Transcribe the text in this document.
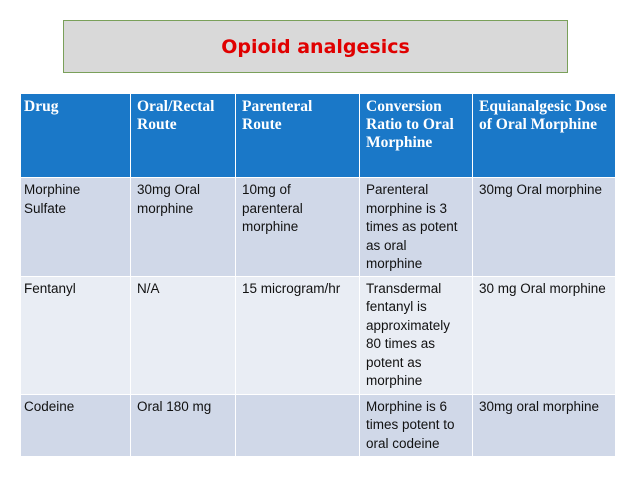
Opioid analgesics
Drug	Oral/Rectal Route	Parenteral Route	Conversion Ratio to Oral Morphine	Equianalgesic Dose of Oral Morphine
Morphine Sulfate	30mg Oral morphine	10mg of parenteral morphine	Parenteral morphine is 3 times as potent as oral morphine	30mg Oral morphine
Fentanyl	N/A	15 microgram/hr	Transdermal fentanyl is approximately 80 times as potent as morphine	30 mg Oral morphine
Codeine	Oral 180 mg		Morphine is 6 times potent to oral codeine	30mg oral morphine
